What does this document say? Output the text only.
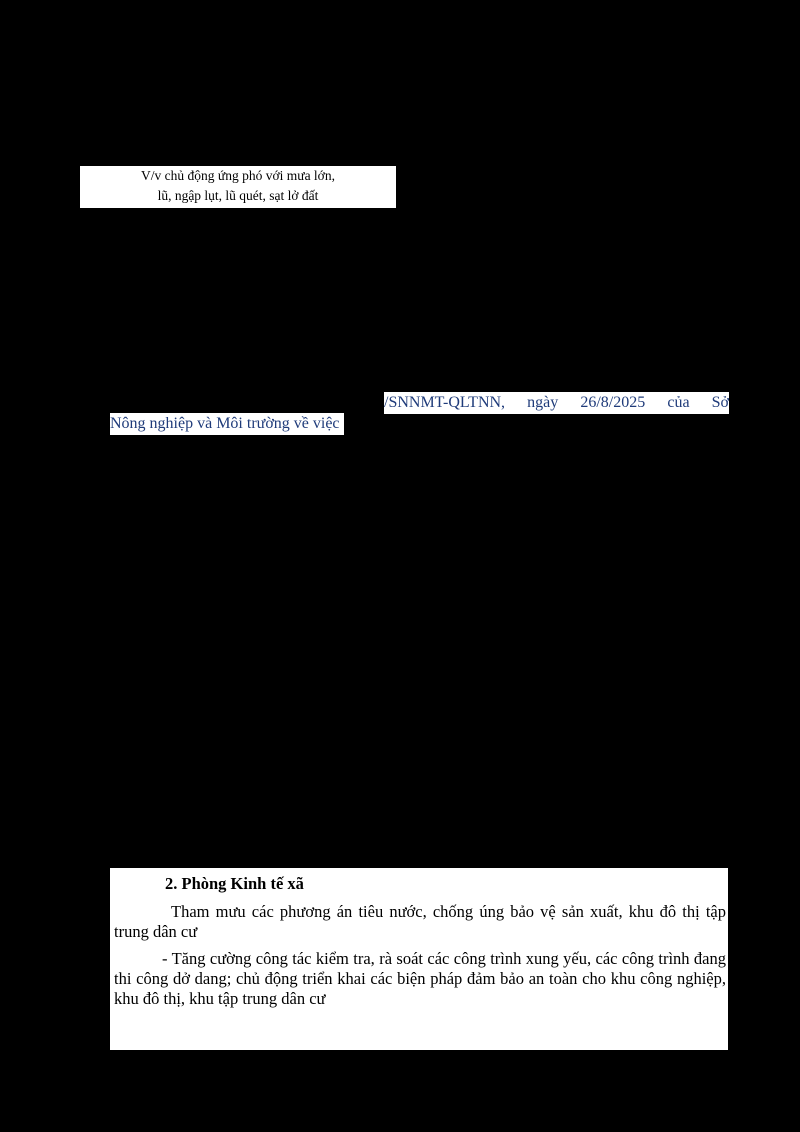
V/v chủ động ứng phó với mưa lớn,
lũ, ngập lụt, lũ quét, sạt lở đất
/SNNMT-QLTNN, ngày 26/8/2025 của Sở
Nông nghiệp và Môi trường về việc
2. Phòng Kinh tế xã
Tham mưu các phương án tiêu nước, chống úng bảo vệ sản xuất, khu đô thị tập trung dân cư
- Tăng cường công tác kiểm tra, rà soát các công trình xung yếu, các công trình đang thi công dở dang; chủ động triển khai các biện pháp đảm bảo an toàn cho khu công nghiệp, khu đô thị, khu tập trung dân cư
